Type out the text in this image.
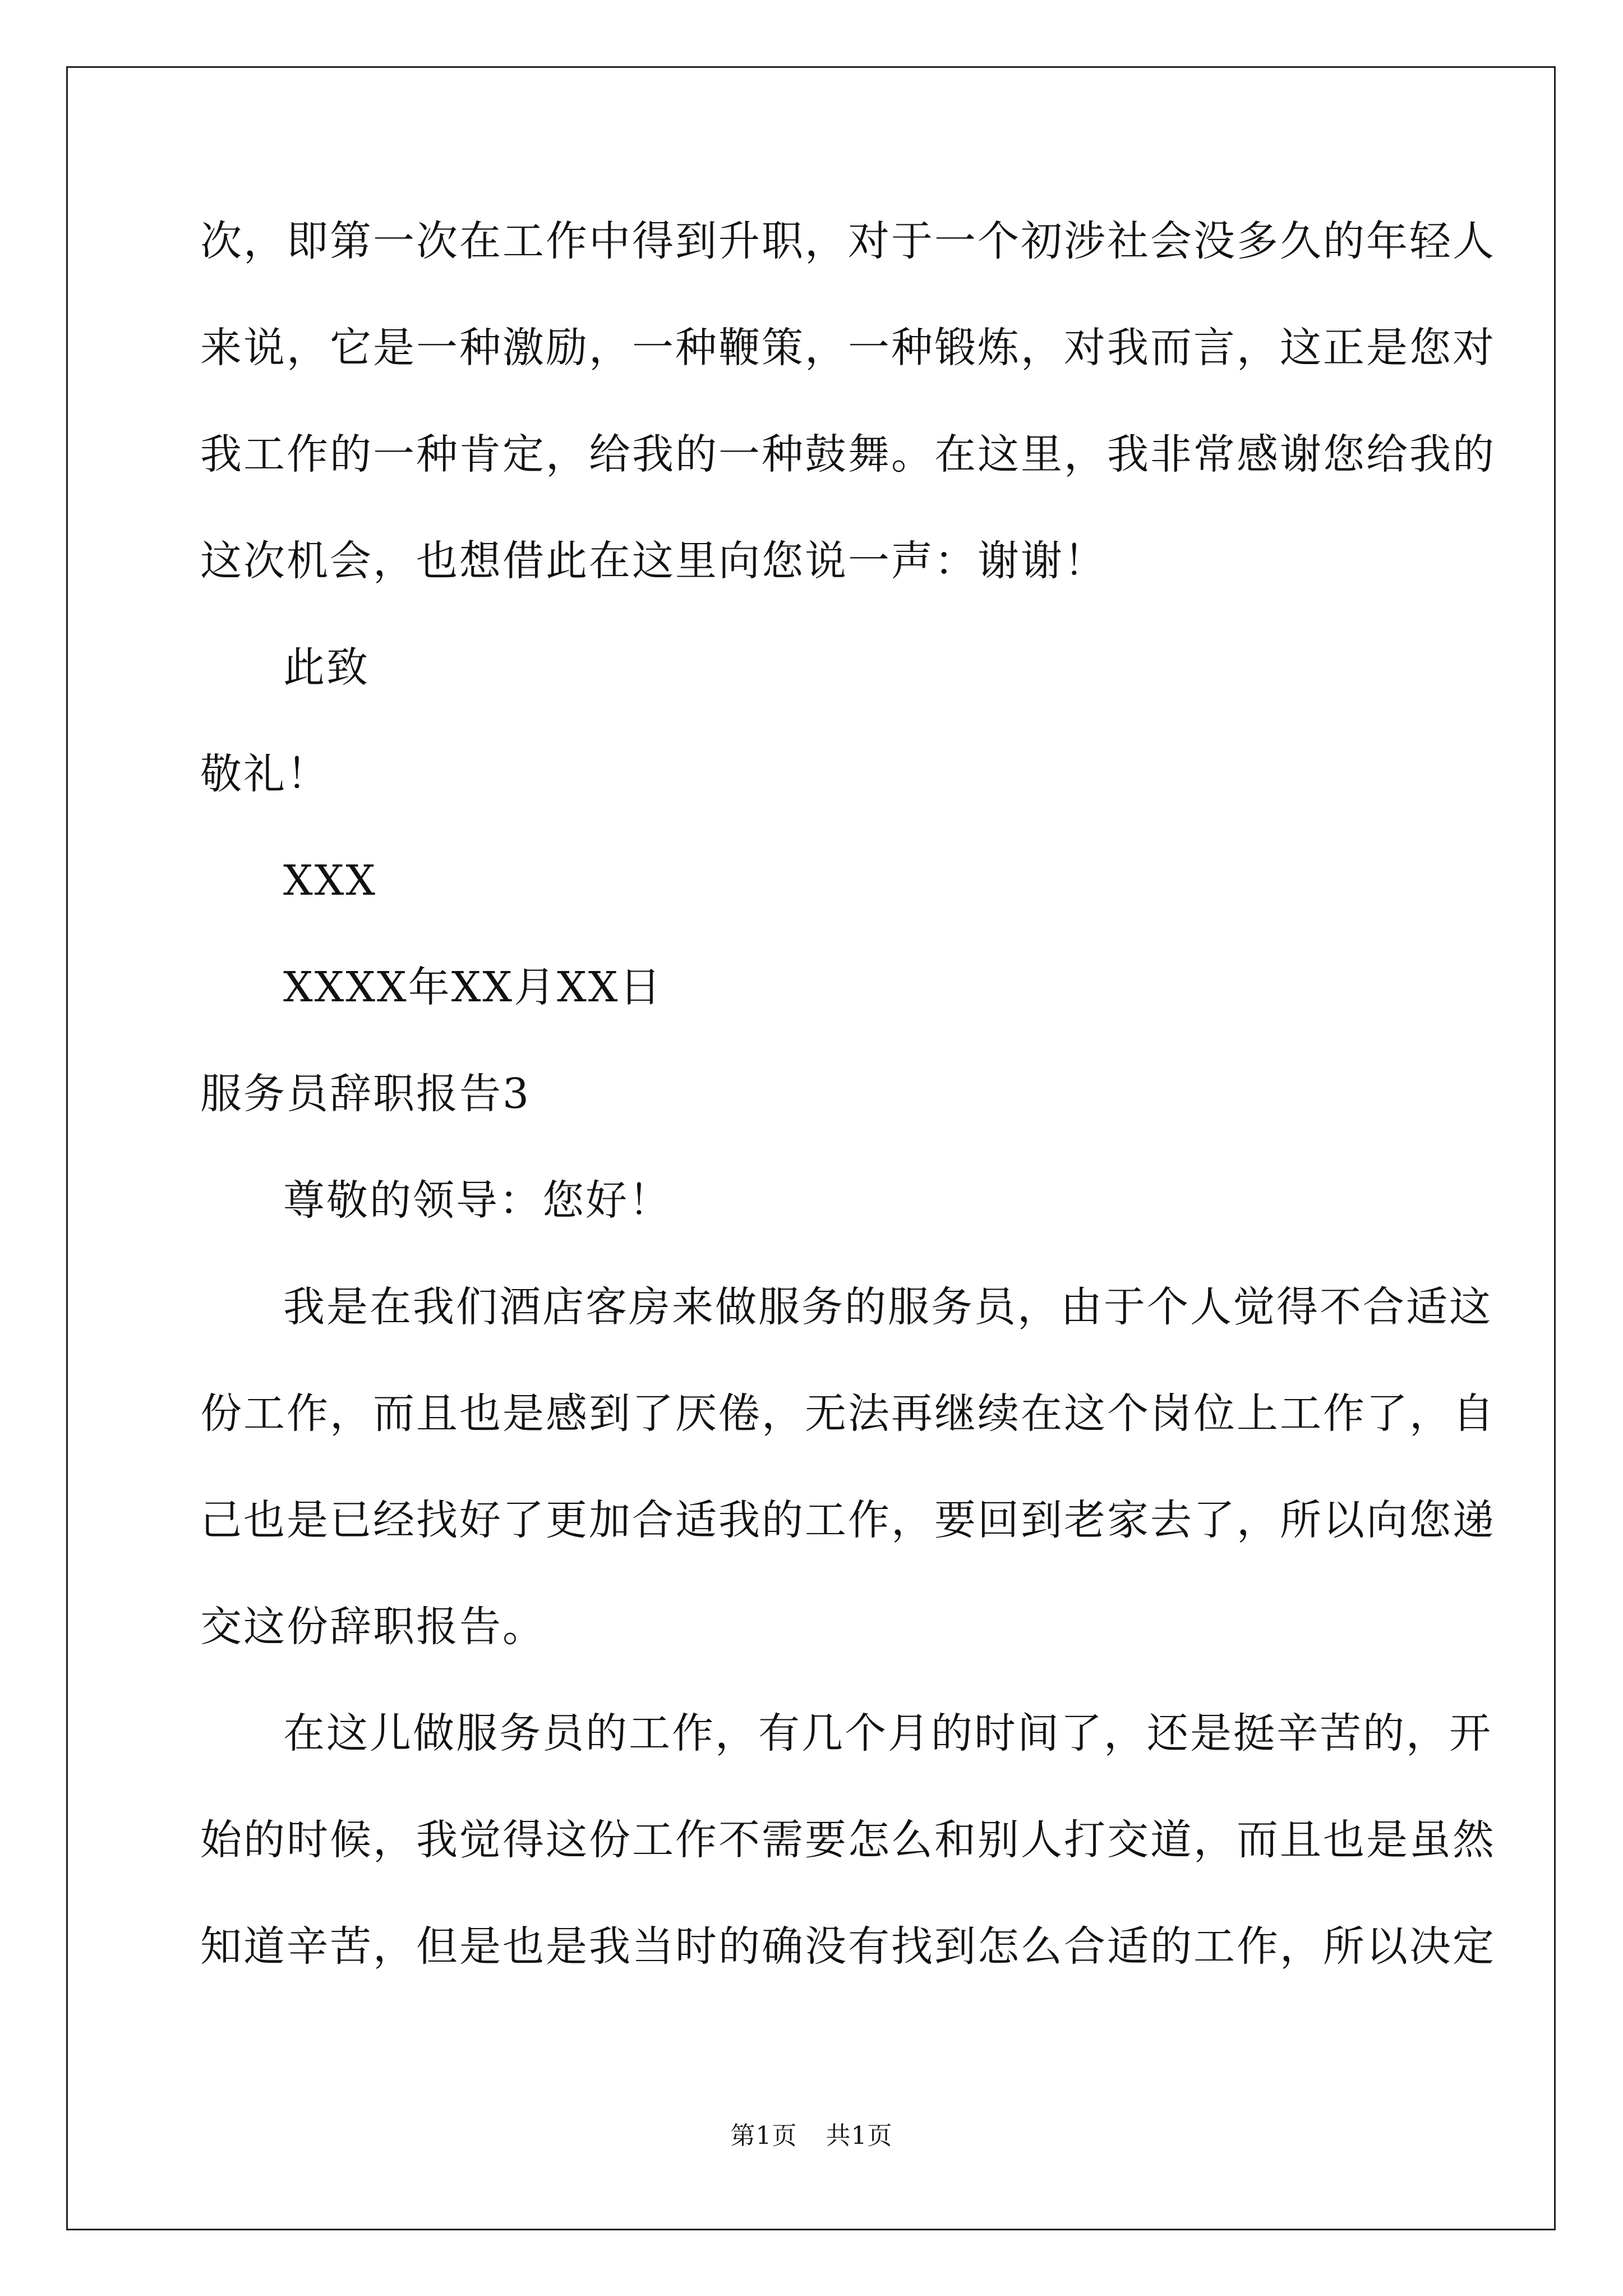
次，即第一次在工作中得到升职，对于一个初涉社会没多久的年轻人
来说，它是一种激励，一种鞭策，一种锻炼，对我而言，这正是您对
我工作的一种肯定，给我的一种鼓舞。在这里，我非常感谢您给我的
这次机会，也想借此在这里向您说一声：谢谢！
此致
敬礼！
XXX
XXXX年XX月XX日
服务员辞职报告3
尊敬的领导：您好！
我是在我们酒店客房来做服务的服务员，由于个人觉得不合适这
份工作，而且也是感到了厌倦，无法再继续在这个岗位上工作了，自
己也是已经找好了更加合适我的工作，要回到老家去了，所以向您递
交这份辞职报告。
在这儿做服务员的工作，有几个月的时间了，还是挺辛苦的，开
始的时候，我觉得这份工作不需要怎么和别人打交道，而且也是虽然
知道辛苦，但是也是我当时的确没有找到怎么合适的工作，所以决定
第1页 共1页
